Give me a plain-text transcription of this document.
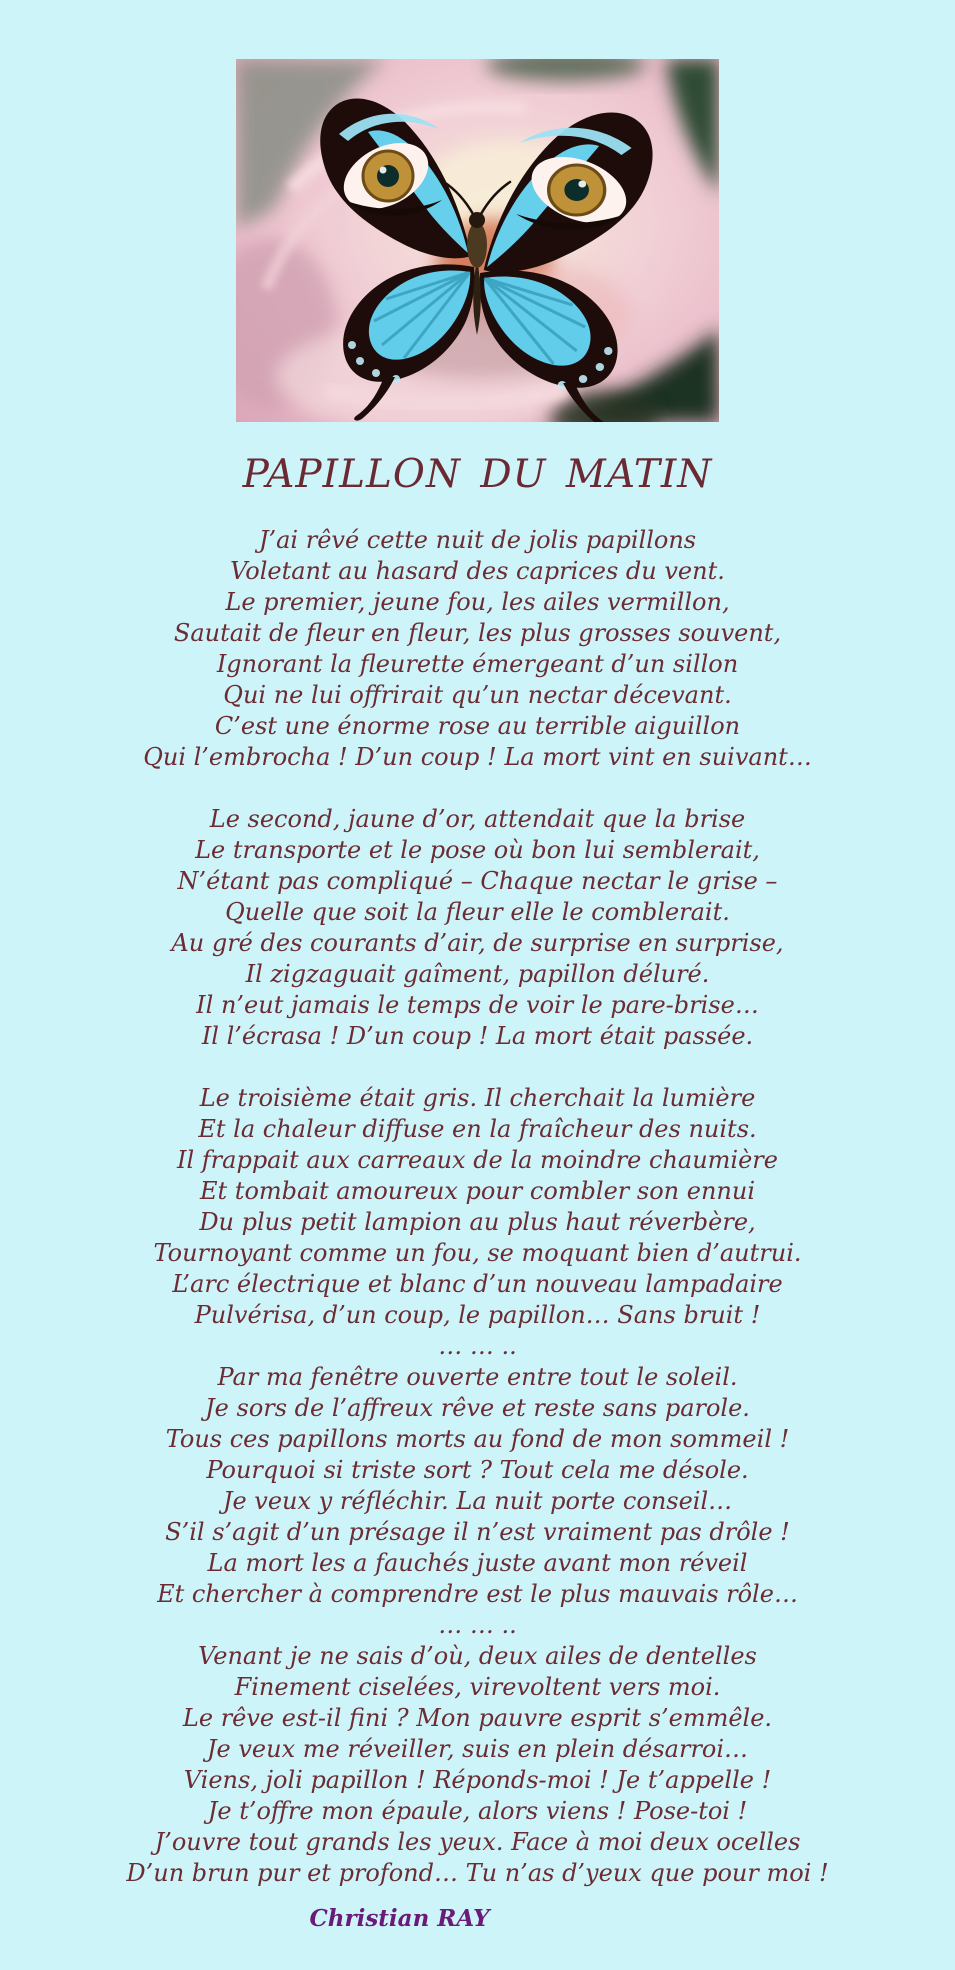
PAPILLON DU MATIN
J’ai rêvé cette nuit de jolis papillons
Voletant au hasard des caprices du vent.
Le premier, jeune fou, les ailes vermillon,
Sautait de fleur en fleur, les plus grosses souvent,
Ignorant la fleurette émergeant d’un sillon
Qui ne lui offrirait qu’un nectar décevant.
C’est une énorme rose au terrible aiguillon
Qui l’embrocha ! D’un coup ! La mort vint en suivant…
Le second, jaune d’or, attendait que la brise
Le transporte et le pose où bon lui semblerait,
N’étant pas compliqué – Chaque nectar le grise –
Quelle que soit la fleur elle le comblerait.
Au gré des courants d’air, de surprise en surprise,
Il zigzaguait gaîment, papillon déluré.
Il n’eut jamais le temps de voir le pare-brise…
Il l’écrasa ! D’un coup ! La mort était passée.
Le troisième était gris. Il cherchait la lumière
Et la chaleur diffuse en la fraîcheur des nuits.
Il frappait aux carreaux de la moindre chaumière
Et tombait amoureux pour combler son ennui
Du plus petit lampion au plus haut réverbère,
Tournoyant comme un fou, se moquant bien d’autrui.
L’arc électrique et blanc d’un nouveau lampadaire
Pulvérisa, d’un coup, le papillon… Sans bruit !
… … ..
Par ma fenêtre ouverte entre tout le soleil.
Je sors de l’affreux rêve et reste sans parole.
Tous ces papillons morts au fond de mon sommeil !
Pourquoi si triste sort ? Tout cela me désole.
Je veux y réfléchir. La nuit porte conseil…
S’il s’agit d’un présage il n’est vraiment pas drôle !
La mort les a fauchés juste avant mon réveil
Et chercher à comprendre est le plus mauvais rôle…
… … ..
Venant je ne sais d’où, deux ailes de dentelles
Finement ciselées, virevoltent vers moi.
Le rêve est-il fini ? Mon pauvre esprit s’emmêle.
Je veux me réveiller, suis en plein désarroi…
Viens, joli papillon ! Réponds-moi ! Je t’appelle !
Je t’offre mon épaule, alors viens ! Pose-toi !
J’ouvre tout grands les yeux. Face à moi deux ocelles
D’un brun pur et profond… Tu n’as d’yeux que pour moi !
Christian RAY
